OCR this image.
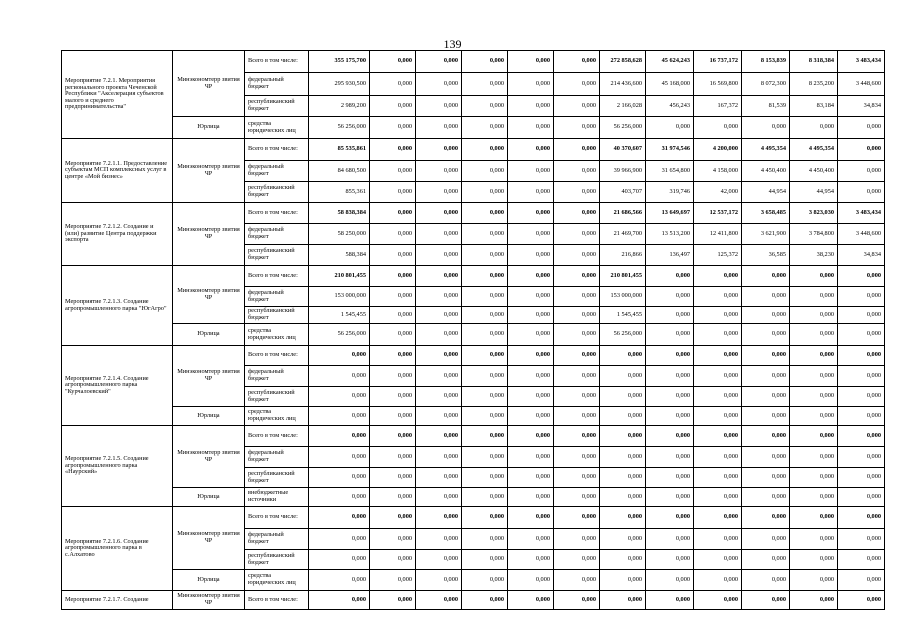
139
Мероприятие 7.2.1. Мероприятия регионального проекта Чеченской Республики "Акселерация субъектов малого и среднего предпринимательства"	Минэкономтерр звития ЧР	Всего в том числе:	355 175,700	0,000	0,000	0,000	0,000	0,000	272 858,628	45 624,243	16 737,172	8 153,839	8 318,384	3 483,434
		федеральный бюджет	295 930,500	0,000	0,000	0,000	0,000	0,000	214 436,600	45 168,000	16 569,800	8 072,300	8 235,200	3 448,600
		республиканский бюджет	2 989,200	0,000	0,000	0,000	0,000	0,000	2 166,028	456,243	167,372	81,539	83,184	34,834
	Юрлица	средства юридических лиц	56 256,000	0,000	0,000	0,000	0,000	0,000	56 256,000	0,000	0,000	0,000	0,000	0,000
Мероприятие 7.2.1.1. Предоставление субъектам МСП комплексных услуг в центре «Мой бизнес»	Минэкономтерр звития ЧР	Всего в том числе:	85 535,861	0,000	0,000	0,000	0,000	0,000	40 370,607	31 974,546	4 200,000	4 495,354	4 495,354	0,000
		федеральный бюджет	84 680,500	0,000	0,000	0,000	0,000	0,000	39 966,900	31 654,800	4 158,000	4 450,400	4 450,400	0,000
		республиканский бюджет	855,361	0,000	0,000	0,000	0,000	0,000	403,707	319,746	42,000	44,954	44,954	0,000
Мероприятие 7.2.1.2. Создание и (или) развитие Центра поддержки экспорта	Минэкономтерр звития ЧР	Всего в том числе:	58 838,384	0,000	0,000	0,000	0,000	0,000	21 686,566	13 649,697	12 537,172	3 658,485	3 823,030	3 483,434
		федеральный бюджет	58 250,000	0,000	0,000	0,000	0,000	0,000	21 469,700	13 513,200	12 411,800	3 621,900	3 784,800	3 448,600
		республиканский бюджет	588,384	0,000	0,000	0,000	0,000	0,000	216,866	136,497	125,372	36,585	38,230	34,834
Мероприятие 7.2.1.3. Создание агропромышленного парка "ЮгАгро"	Минэкономтерр звития ЧР	Всего в том числе:	210 801,455	0,000	0,000	0,000	0,000	0,000	210 801,455	0,000	0,000	0,000	0,000	0,000
		федеральный бюджет	153 000,000	0,000	0,000	0,000	0,000	0,000	153 000,000	0,000	0,000	0,000	0,000	0,000
		республиканский бюджет	1 545,455	0,000	0,000	0,000	0,000	0,000	1 545,455	0,000	0,000	0,000	0,000	0,000
	Юрлица	средства юридических лиц	56 256,000	0,000	0,000	0,000	0,000	0,000	56 256,000	0,000	0,000	0,000	0,000	0,000
Мероприятие 7.2.1.4. Создание агропромышленного парка "Курчалоевский"	Минэкономтерр звития ЧР	Всего в том числе:	0,000	0,000	0,000	0,000	0,000	0,000	0,000	0,000	0,000	0,000	0,000	0,000
		федеральный бюджет	0,000	0,000	0,000	0,000	0,000	0,000	0,000	0,000	0,000	0,000	0,000	0,000
		республиканский бюджет	0,000	0,000	0,000	0,000	0,000	0,000	0,000	0,000	0,000	0,000	0,000	0,000
	Юрлица	средства юридических лиц	0,000	0,000	0,000	0,000	0,000	0,000	0,000	0,000	0,000	0,000	0,000	0,000
Мероприятие 7.2.1.5. Создание агропромышленного парка «Наурский»	Минэкономтерр звития ЧР	Всего в том числе:	0,000	0,000	0,000	0,000	0,000	0,000	0,000	0,000	0,000	0,000	0,000	0,000
		федеральный бюджет	0,000	0,000	0,000	0,000	0,000	0,000	0,000	0,000	0,000	0,000	0,000	0,000
		республиканский бюджет	0,000	0,000	0,000	0,000	0,000	0,000	0,000	0,000	0,000	0,000	0,000	0,000
	Юрлица	внебюджетные источники	0,000	0,000	0,000	0,000	0,000	0,000	0,000	0,000	0,000	0,000	0,000	0,000
Мероприятие 7.2.1.6. Создание агропромышленного парка в с.Алхатово	Минэкономтерр звития ЧР	Всего в том числе:	0,000	0,000	0,000	0,000	0,000	0,000	0,000	0,000	0,000	0,000	0,000	0,000
		федеральный бюджет	0,000	0,000	0,000	0,000	0,000	0,000	0,000	0,000	0,000	0,000	0,000	0,000
		республиканский бюджет	0,000	0,000	0,000	0,000	0,000	0,000	0,000	0,000	0,000	0,000	0,000	0,000
	Юрлица	средства юридических лиц	0,000	0,000	0,000	0,000	0,000	0,000	0,000	0,000	0,000	0,000	0,000	0,000
Мероприятие 7.2.1.7. Создание	Минэкономтерр звития ЧР	Всего в том числе:	0,000	0,000	0,000	0,000	0,000	0,000	0,000	0,000	0,000	0,000	0,000	0,000
